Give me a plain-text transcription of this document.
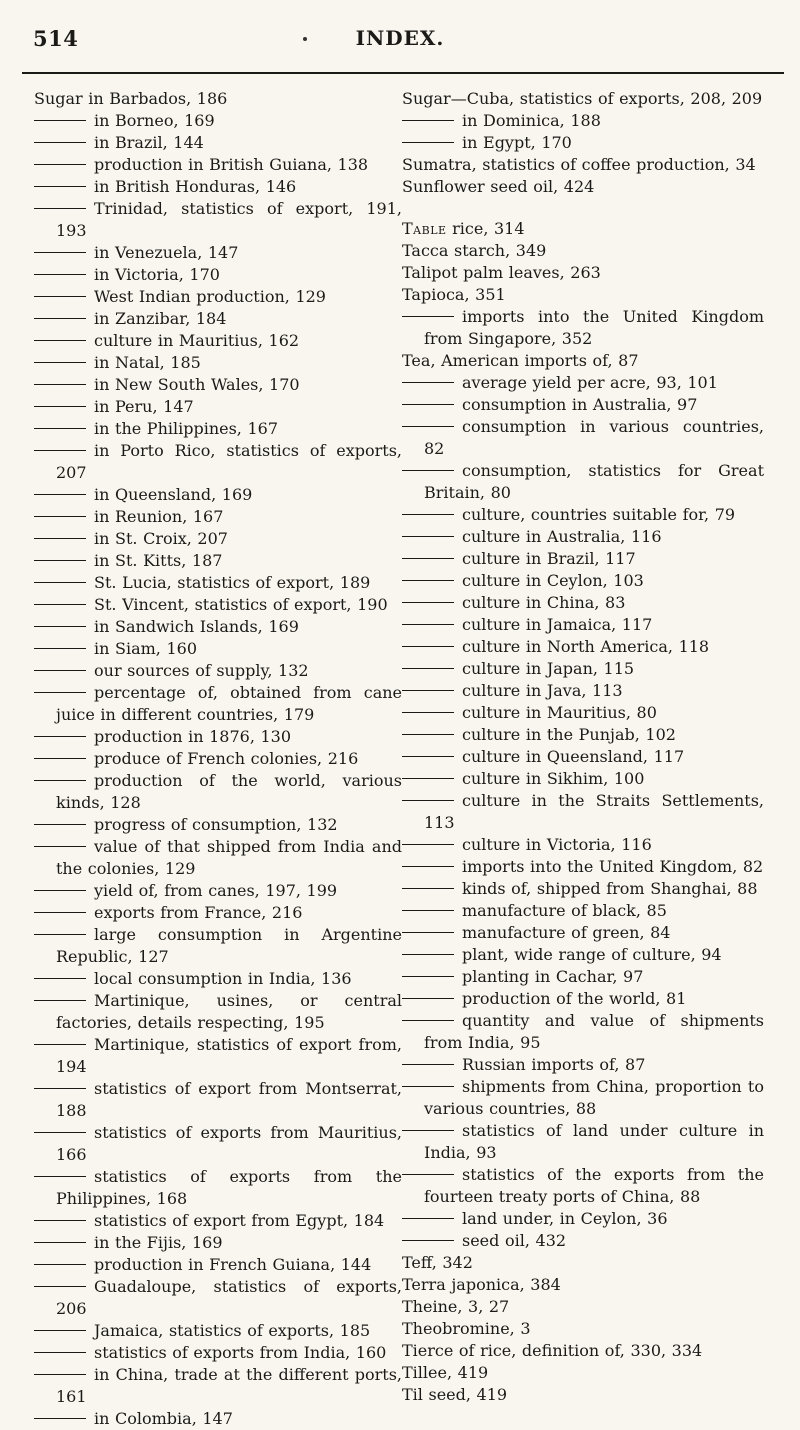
514	INDEX.

Sugar in Barbados, 186

in Borneo, 169

in Brazil, 144

production in British Guiana, 138

in British Honduras, 146

Trinidad, statistics of export, 191, 193

in Venezuela, 147

in Victoria, 170

West Indian production, 129

in Zanzibar, 184

culture in Mauritius, 162

in Natal, 185

in New South Wales, 170

in Peru, 147

in the Philippines, 167

in Porto Rico, statistics of exports, 207

in Queensland, 169

in Reunion, 167

in St. Croix, 207

in St. Kitts, 187

St. Lucia, statistics of export, 189

St. Vincent, statistics of export, 190

in Sandwich Islands, 169

in Siam, 160

our sources of supply, 132

percentage of, obtained from cane juice in different countries, 179

production in 1876, 130

produce of French colonies, 216

production of the world, various kinds, 128

progress of consumption, 132

value of that shipped from India and the colonies, 129

yield of, from canes, 197, 199

exports from France, 216

large consumption in Argentine Republic, 127

local consumption in India, 136

Martinique, usines, or central factories, details respecting, 195

Martinique, statistics of export from, 194

statistics of export from Montserrat, 188

statistics of exports from Mauritius, 166

statistics of exports from the Philippines, 168

statistics of export from Egypt, 184

in the Fijis, 169

production in French Guiana, 144

Guadaloupe, statistics of exports, 206

Jamaica, statistics of exports, 185

statistics of exports from India, 160

in China, trade at the different ports, 161

in Colombia, 147

Sugar—Cuba, statistics of exports, 208, 209

in Dominica, 188

in Egypt, 170

Sumatra, statistics of coffee production, 34

Sunflower seed oil, 424

Table rice, 314

Tacca starch, 349

Talipot palm leaves, 263

Tapioca, 351

imports into the United Kingdom from Singapore, 352

Tea, American imports of, 87

average yield per acre, 93, 101

consumption in Australia, 97

consumption in various countries, 82

consumption, statistics for Great Britain, 80

culture, countries suitable for, 79

culture in Australia, 116

culture in Brazil, 117

culture in Ceylon, 103

culture in China, 83

culture in Jamaica, 117

culture in North America, 118

culture in Japan, 115

culture in Java, 113

culture in Mauritius, 80

culture in the Punjab, 102

culture in Queensland, 117

culture in Sikhim, 100

culture in the Straits Settlements, 113

culture in Victoria, 116

imports into the United Kingdom, 82

kinds of, shipped from Shanghai, 88

manufacture of black, 85

manufacture of green, 84

plant, wide range of culture, 94

planting in Cachar, 97

production of the world, 81

quantity and value of shipments from India, 95

Russian imports of, 87

shipments from China, proportion to various countries, 88

statistics of land under culture in India, 93

statistics of the exports from the fourteen treaty ports of China, 88

land under, in Ceylon, 36

seed oil, 432

Teff, 342

Terra japonica, 384

Theine, 3, 27

Theobromine, 3

Tierce of rice, definition of, 330, 334

Tillee, 419

Til seed, 419
